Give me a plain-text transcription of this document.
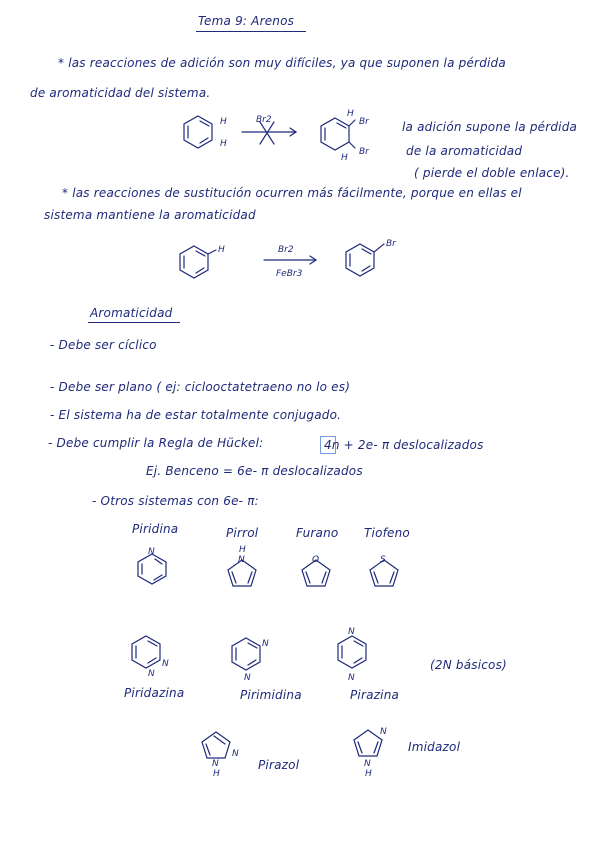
Tema 9: Arenos
* las reacciones de adición son muy difíciles, ya que suponen la pérdida
de aromaticidad del sistema.
H
H
Br2
H
Br
H
Br
la adición supone la pérdida
de la aromaticidad
( pierde el doble enlace).
* las reacciones de sustitución ocurren más fácilmente, porque en ellas el
sistema mantiene la aromaticidad
H	Br2
FeBr3
Br
Aromaticidad
- Debe ser cíclico
- Debe ser plano ( ej: ciclooctatetraeno no lo es)
- El sistema ha de estar totalmente conjugado.
- Debe cumplir la Regla de Hückel:	4n + 2e- π deslocalizados
Ej. Benceno = 6e- π deslocalizados
- Otros sistemas con 6e- π:
Piridina	Pirrol	Furano Tiofeno
N
N
H
O	S
N
N
N
N
N
N
(2N básicos)
Piridazina	Pirimidina	Pirazina
N
N
H
Pirazol
N
N
H
Imidazol
